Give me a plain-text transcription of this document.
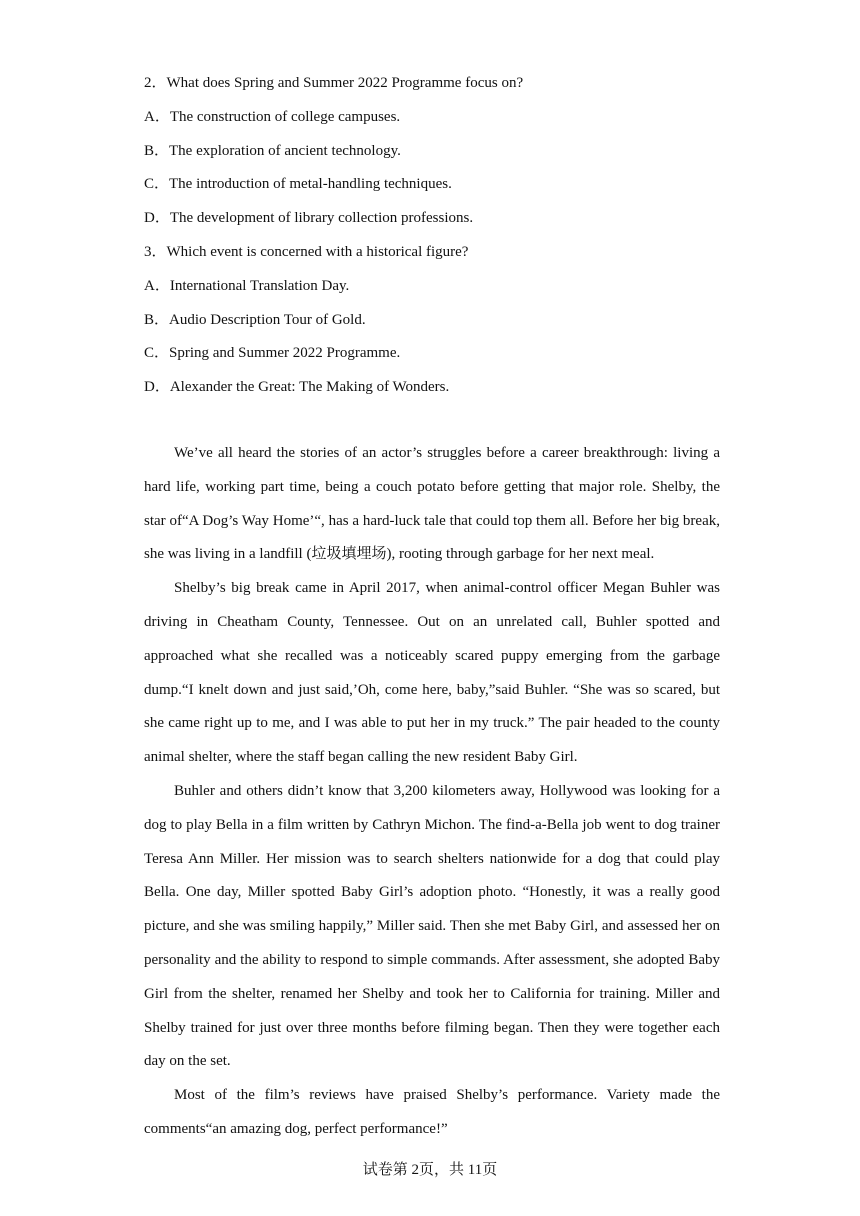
2．What does Spring and Summer 2022 Programme focus on?
A．The construction of college campuses.
B．The exploration of ancient technology.
C．The introduction of metal-handling techniques.
D．The development of library collection professions.
3．Which event is concerned with a historical figure?
A．International Translation Day.
B．Audio Description Tour of Gold.
C．Spring and Summer 2022 Programme.
D．Alexander the Great: The Making of Wonders.

We’ve all heard the stories of an actor’s struggles before a career breakthrough: living a hard life, working part time, being a couch potato before getting that major role. Shelby, the star of“A Dog’s Way Home’“, has a hard-luck tale that could top them all. Before her big break, she was living in a landfill (垃圾填埋场), rooting through garbage for her next meal.

Shelby’s big break came in April 2017, when animal-control officer Megan Buhler was driving in Cheatham County, Tennessee. Out on an unrelated call, Buhler spotted and approached what she recalled was a noticeably scared puppy emerging from the garbage dump.“I knelt down and just said,’Oh, come here, baby,”said Buhler. “She was so scared, but she came right up to me, and I was able to put her in my truck.” The pair headed to the county animal shelter, where the staff began calling the new resident Baby Girl.

Buhler and others didn’t know that 3,200 kilometers away, Hollywood was looking for a dog to play Bella in a film written by Cathryn Michon. The find-a-Bella job went to dog trainer Teresa Ann Miller. Her mission was to search shelters nationwide for a dog that could play Bella. One day, Miller spotted Baby Girl’s adoption photo. “Honestly, it was a really good picture, and she was smiling happily,” Miller said. Then she met Baby Girl, and assessed her on personality and the ability to respond to simple commands. After assessment, she adopted Baby Girl from the shelter, renamed her Shelby and took her to California for training. Miller and Shelby trained for just over three months before filming began. Then they were together each day on the set.

Most of the film’s reviews have praised Shelby’s performance. Variety made the comments“an amazing dog, perfect performance!”

试卷第 2页，共 11页
